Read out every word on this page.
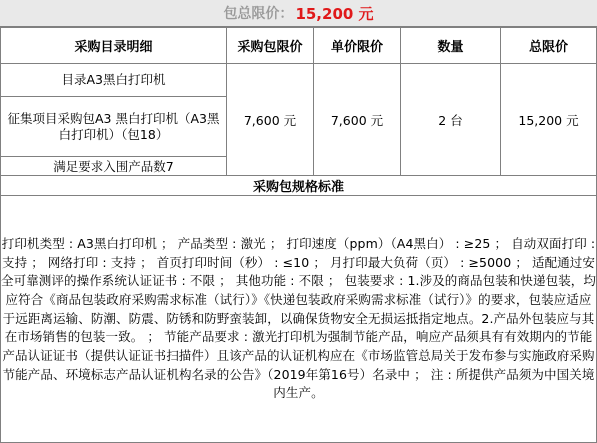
包总限价： 15,200 元
采购目录明细	采购包限价	单价限价	数量	总限价
目录A3黑白打印机	7,600 元	7,600 元	2 台	15,200 元
征集项目采购包A3 黑白打印机（A3黑白打印机）（包18）				
满足要求入围产品数7				
采购包规格标准				
打印机类型 : A3黑白打印机 ； 产品类型 : 激光 ； 打印速度（ppm）（A4黑白） : ≥25 ； 自动双面打印 : 支持 ； 网络打印 : 支持 ； 首页打印时间（秒） : ≤10 ； 月打印最大负荷（页） : ≥5000 ； 适配通过安全可靠测评的操作系统认证证书 : 不限 ； 其他功能 : 不限 ； 包装要求 : 1.涉及的商品包装和快递包装，均应符合《商品包装政府采购需求标准（试行）》《快递包装政府采购需求标准（试行）》的要求，包装应适应于远距离运输、防潮、防震、防锈和防野蛮装卸，以确保货物安全无损运抵指定地点。2.产品外包装应与其在市场销售的包装一致。 ； 节能产品要求 : 激光打印机为强制节能产品，响应产品须具有有效期内的节能产品认证证书（提供认证证书扫描件）且该产品的认证机构应在《市场监管总局关于发布参与实施政府采购节能产品、环境标志产品认证机构名录的公告》（2019年第16号）名录中 ； 注 : 所提供产品须为中国关境内生产。				
